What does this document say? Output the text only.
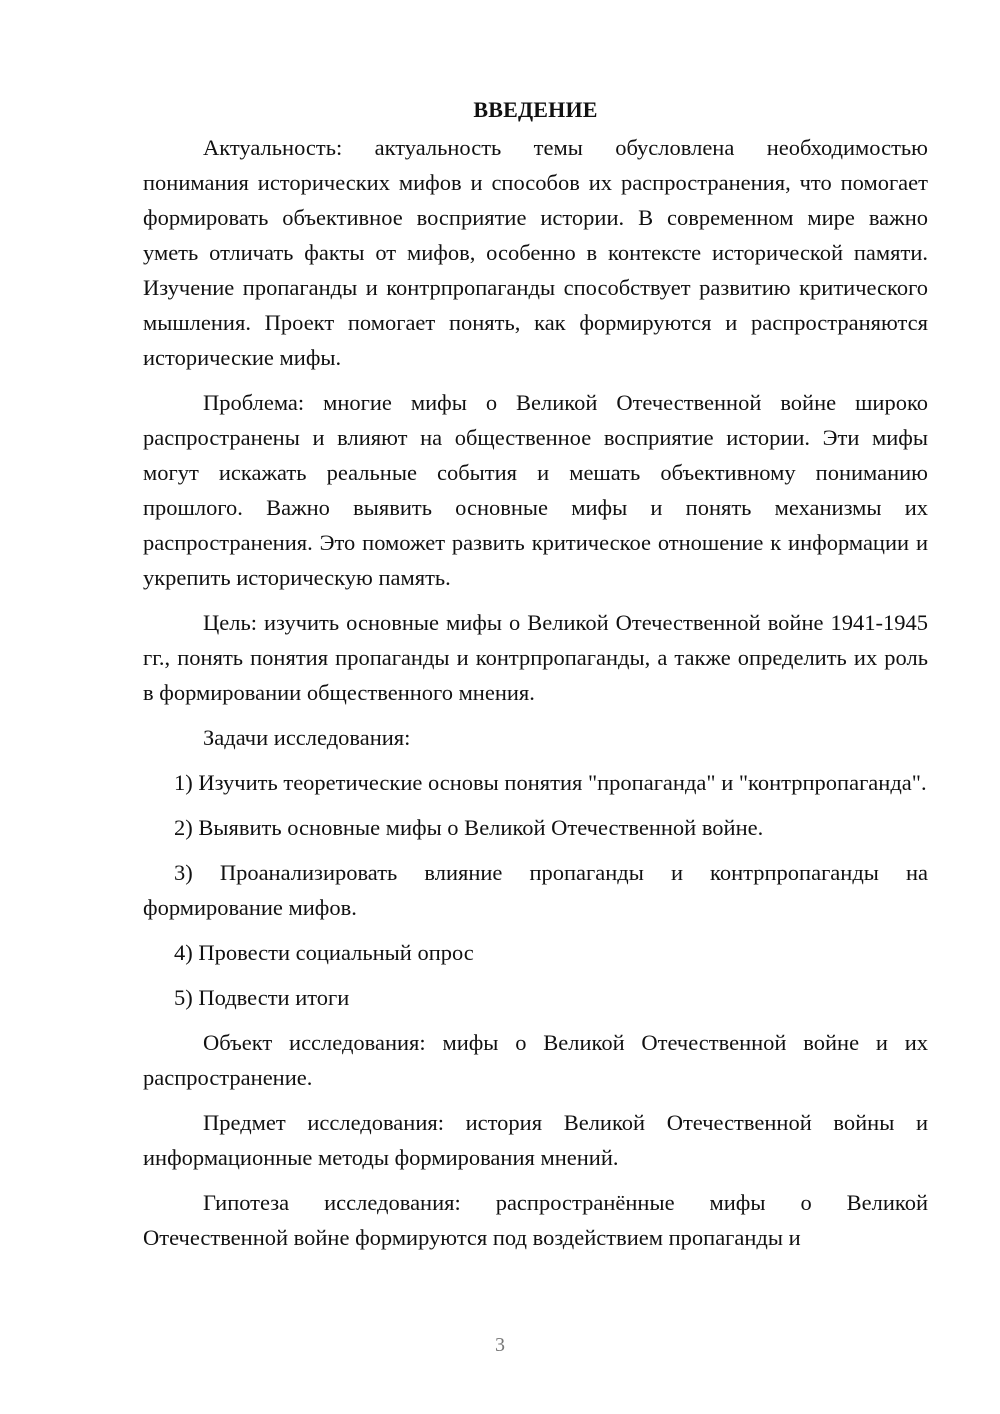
ВВЕДЕНИЕ

Актуальность: актуальность темы обусловлена необходимостью понимания исторических мифов и способов их распространения, что помогает формировать объективное восприятие истории. В современном мире важно уметь отличать факты от мифов, особенно в контексте исторической памяти. Изучение пропаганды и контрпропаганды способствует развитию критического мышления. Проект помогает понять, как формируются и распространяются исторические мифы.

Проблема: многие мифы о Великой Отечественной войне широко распространены и влияют на общественное восприятие истории. Эти мифы могут искажать реальные события и мешать объективному пониманию прошлого. Важно выявить основные мифы и понять механизмы их распространения. Это поможет развить критическое отношение к информации и укрепить историческую память.

Цель: изучить основные мифы о Великой Отечественной войне 1941-1945 гг., понять понятия пропаганды и контрпропаганды, а также определить их роль в формировании общественного мнения.

Задачи исследования:

1) Изучить теоретические основы понятия "пропаганда" и "контрпропаганда".

2) Выявить основные мифы о Великой Отечественной войне.

3) Проанализировать влияние пропаганды и контрпропаганды на формирование мифов.

4) Провести социальный опрос

5) Подвести итоги

Объект исследования: мифы о Великой Отечественной войне и их распространение.

Предмет исследования: история Великой Отечественной войны и информационные методы формирования мнений.

Гипотеза исследования: распространённые мифы о Великой Отечественной войне формируются под воздействием пропаганды и

3
